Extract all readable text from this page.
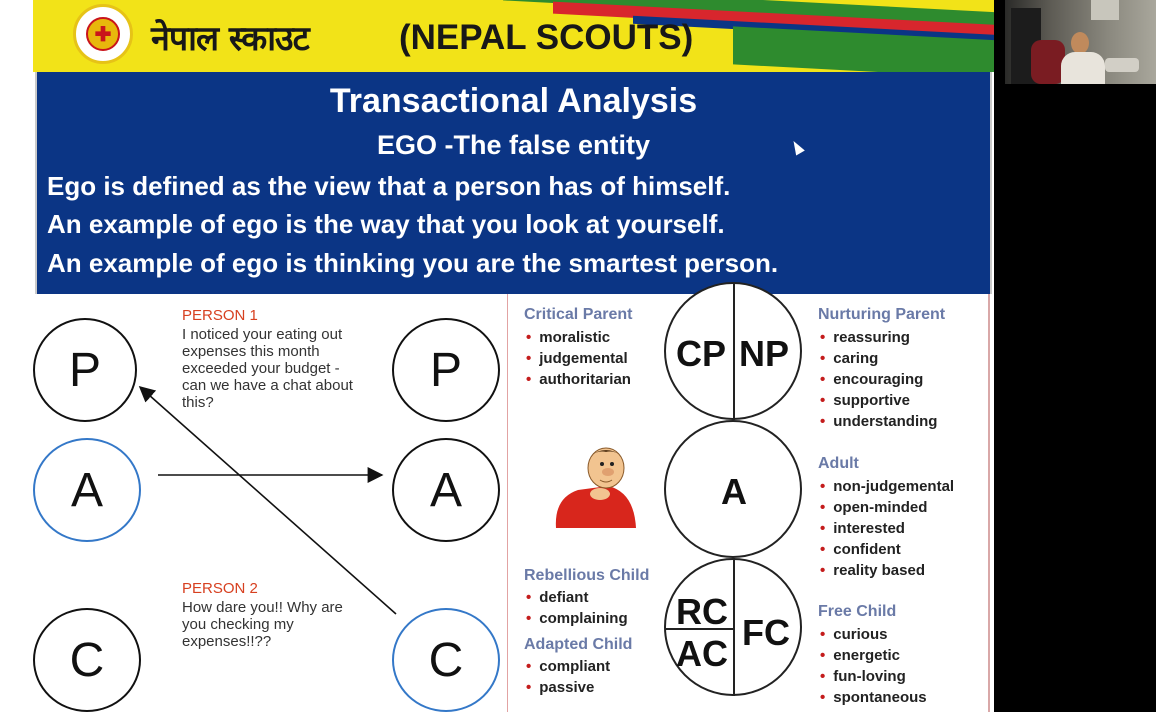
✚ नेपाल स्काउट	(NEPAL SCOUTS)
Transactional Analysis
EGO -The false entity
Ego is defined as the view that a person has of himself.
An example of ego is the way that you look at yourself.
An example of ego is thinking you are the smartest person.
P
A
C
P
A
C
PERSON 1
I noticed your eating out expenses this month exceeded your budget - can we have a chat about this?
PERSON 2
How dare you!! Why are you checking my expenses!!??
CP NP
A
RC
AC
FC
Critical Parent
• moralistic
• judgemental
• authoritarian
Nurturing Parent
• reassuring
• caring
• encouraging
• supportive
• understanding
Adult
• non-judgemental
• open-minded
• interested
• confident
• reality based
Rebellious Child
• defiant
• complaining
Adapted Child
• compliant
• passive
Free Child
• curious
• energetic
• fun-loving
• spontaneous
